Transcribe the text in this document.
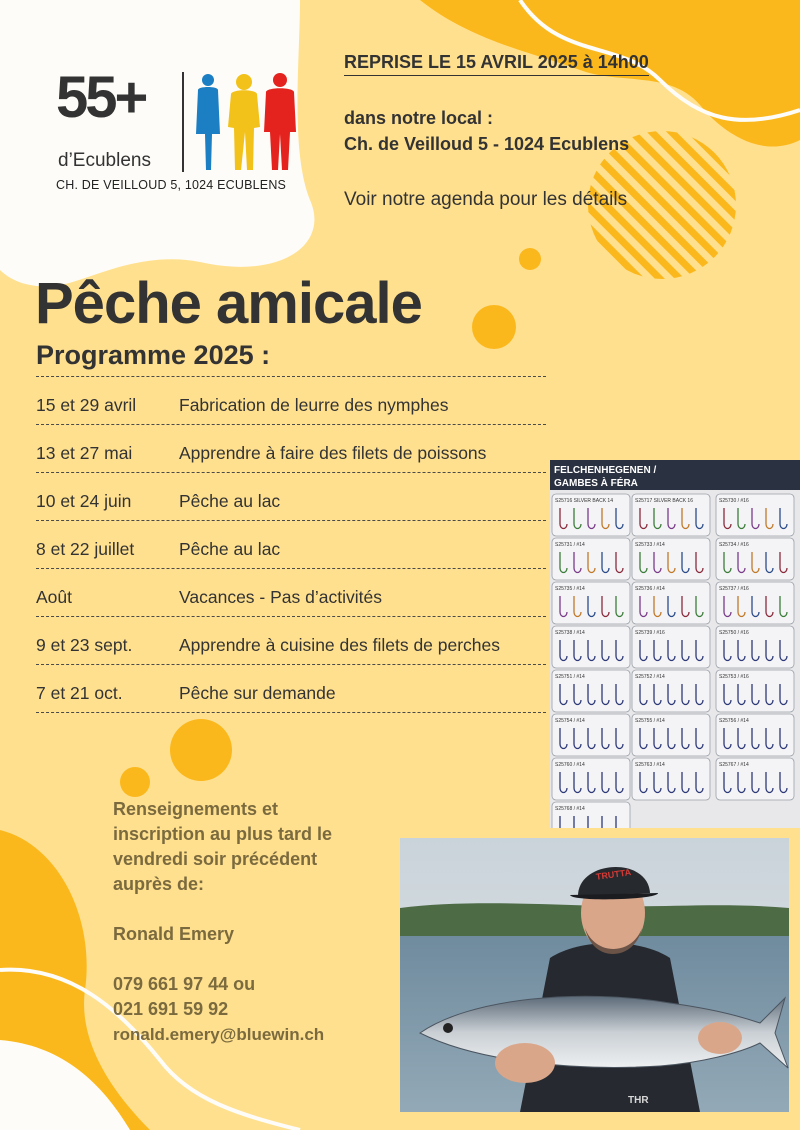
55+
d’Ecublens
CH. DE VEILLOUD 5, 1024 ECUBLENS
REPRISE LE 15 AVRIL 2025 à 14h00
dans notre local :
Ch. de Veilloud 5 - 1024 Ecublens
Voir notre agenda pour les détails
Pêche amicale
Programme 2025 :
15 et 29 avril Fabrication de leurre des nymphes
13 et 27 mai	Apprendre à faire des filets de poissons
10 et 24 juin	Pêche au lac
8 et 22 juillet	Pêche au lac
Août	Vacances - Pas d’activités
9 et 23 sept.	Apprendre à cuisine des filets de perches
7 et 21 oct.	Pêche sur demande
Renseignements et
inscription au plus tard le
vendredi soir précédent
auprès de:
Ronald Emery
079 661 97 44 ou
021 691 59 92
ronald.emery@bluewin.ch
FELCHENHEGENEN /
GAMBES À FÉRA
S25716 SILVER BACK 14	S25717 SILVER BACK 16	S25730 / #16
S25731 / #14	S25733 / #14	S25734 / #16
S25735 / #14	S25736 / #14	S25737 / #16
S25738 / #14	S25739 / #16	S25750 / #16
S25751 / #14	S25752 / #14	S25753 / #16
S25754 / #14	S25755 / #14	S25756 / #14
S25760 / #14	S25763 / #14	S25767 / #14
S25768 / #14
TRUTTA
THR
